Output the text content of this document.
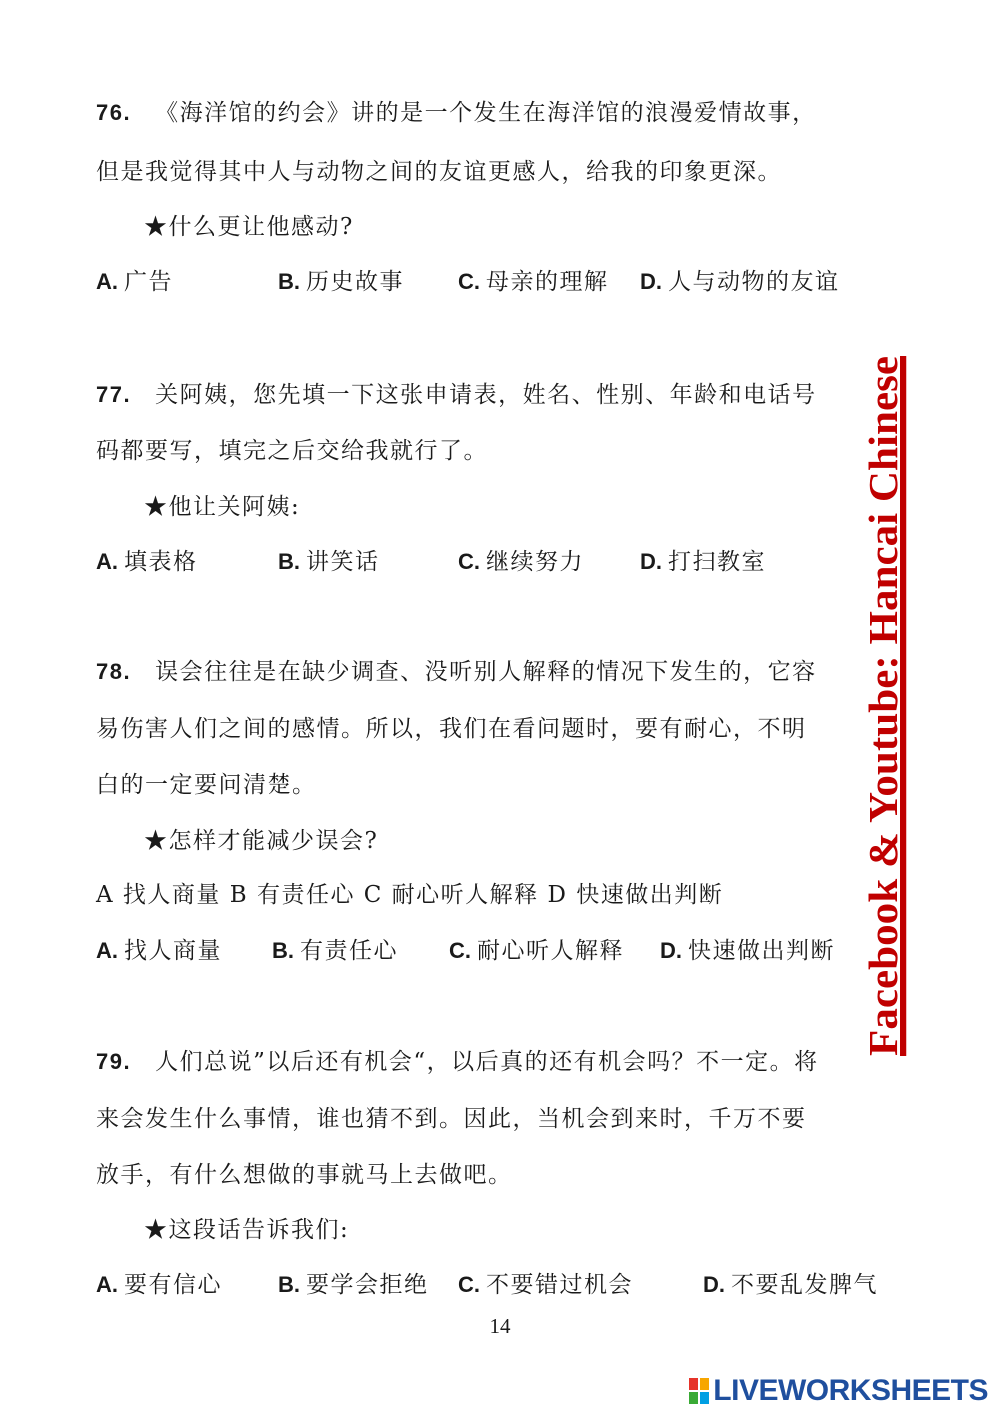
76. 《海洋馆的约会》讲的是一个发生在海洋馆的浪漫爱情故事，
但是我觉得其中人与动物之间的友谊更感人，给我的印象更深。
★什么更让他感动?
A. 广告	B. 历史故事 C. 母亲的理解 D. 人与动物的友谊
77. 关阿姨，您先填一下这张申请表，姓名、性别、年龄和电话号
码都要写，填完之后交给我就行了。
★他让关阿姨:
A. 填表格	B. 讲笑话	C. 继续努力	D. 打扫教室
78. 误会往往是在缺少调查、没听别人解释的情况下发生的，它容
易伤害人们之间的感情。所以，我们在看问题时，要有耐心，不明
白的一定要问清楚。
★怎样才能减少误会?
A 找人商量 B 有责任心 C 耐心听人解释 D 快速做出判断
A. 找人商量 B. 有责任心 C. 耐心听人解释 D. 快速做出判断
79. 人们总说”以后还有机会“，以后真的还有机会吗？不一定。将
来会发生什么事情，谁也猜不到。因此，当机会到来时，千万不要
放手，有什么想做的事就马上去做吧。
★这段话告诉我们:
A. 要有信心	B. 要学会拒绝 C. 不要错过机会	D. 不要乱发脾气
Facebook & Youtube: Hancai Chinese
14
LIVEWORKSHEETS
